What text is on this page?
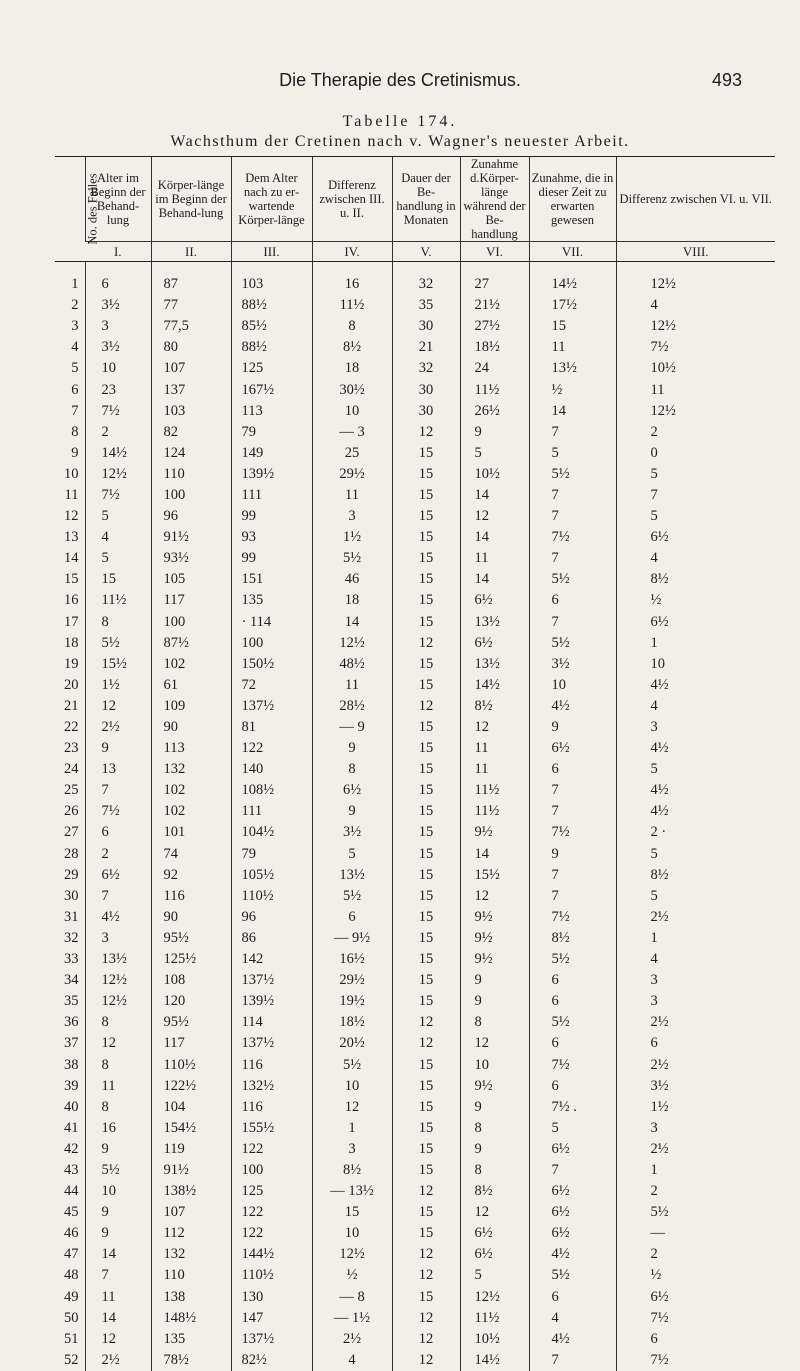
Die Therapie des Cretinismus.	493
Tabelle 174.
Wachsthum der Cretinen nach v. Wagner's neuester Arbeit.
No. des Falles	Alter im Beginn der Behand-lung	Körper-länge im Beginn der Behand-lung	Dem Alter nach zu er-wartende Körper-länge	Differenz zwischen III. u. II.	Dauer der Be-handlung in Monaten	Zunahme d.Körper-länge während der Be-handlung	Zunahme, die in dieser Zeit zu erwarten gewesen	Differenz zwischen VI. u. VII.
	I.	II.	III.	IV.	V.	VI.	VII.	VIII.
1	6	87	103	16	32	27	14½	12½
2	3½	77	88½	11½	35	21½	17½	4
3	3	77,5	85½	8	30	27½	15	12½
4	3½	80	88½	8½	21	18½	11	7½
5	10	107	125	18	32	24	13½	10½
6	23	137	167½	30½	30	11½	½	11
7	7½	103	113	10	30	26½	14	12½
8	2	82	79	— 3	12	9	7	2
9	14½	124	149	25	15	5	5	0
10	12½	110	139½	29½	15	10½	5½	5
11	7½	100	111	11	15	14	7	7
12	5	96	99	3	15	12	7	5
13	4	91½	93	1½	15	14	7½	6½
14	5	93½	99	5½	15	11	7	4
15	15	105	151	46	15	14	5½	8½
16	11½	117	135	18	15	6½	6	½
17	8	100	· 114	14	15	13½	7	6½
18	5½	87½	100	12½	12	6½	5½	1
19	15½	102	150½	48½	15	13½	3½	10
20	1½	61	72	11	15	14½	10	4½
21	12	109	137½	28½	12	8½	4½	4
22	2½	90	81	— 9	15	12	9	3
23	9	113	122	9	15	11	6½	4½
24	13	132	140	8	15	11	6	5
25	7	102	108½	6½	15	11½	7	4½
26	7½	102	111	9	15	11½	7	4½
27	6	101	104½	3½	15	9½	7½	2 ·
28	2	74	79	5	15	14	9	5
29	6½	92	105½	13½	15	15½	7	8½
30	7	116	110½	5½	15	12	7	5
31	4½	90	96	6	15	9½	7½	2½
32	3	95½	86	— 9½	15	9½	8½	1
33	13½	125½	142	16½	15	9½	5½	4
34	12½	108	137½	29½	15	9	6	3
35	12½	120	139½	19½	15	9	6	3
36	8	95½	114	18½	12	8	5½	2½
37	12	117	137½	20½	12	12	6	6
38	8	110½	116	5½	15	10	7½	2½
39	11	122½	132½	10	15	9½	6	3½
40	8	104	116	12	15	9	7½ .	1½
41	16	154½	155½	1	15	8	5	3
42	9	119	122	3	15	9	6½	2½
43	5½	91½	100	8½	15	8	7	1
44	10	138½	125	— 13½	12	8½	6½	2
45	9	107	122	15	15	12	6½	5½
46	9	112	122	10	15	6½	6½	—
47	14	132	144½	12½	12	6½	4½	2
48	7	110	110½	½	12	5	5½	½
49	11	138	130	— 8	15	12½	6	6½
50	14	148½	147	— 1½	12	11½	4	7½
51	12	135	137½	2½	12	10½	4½	6
52	2½	78½	82½	4	12	14½	7	7½
